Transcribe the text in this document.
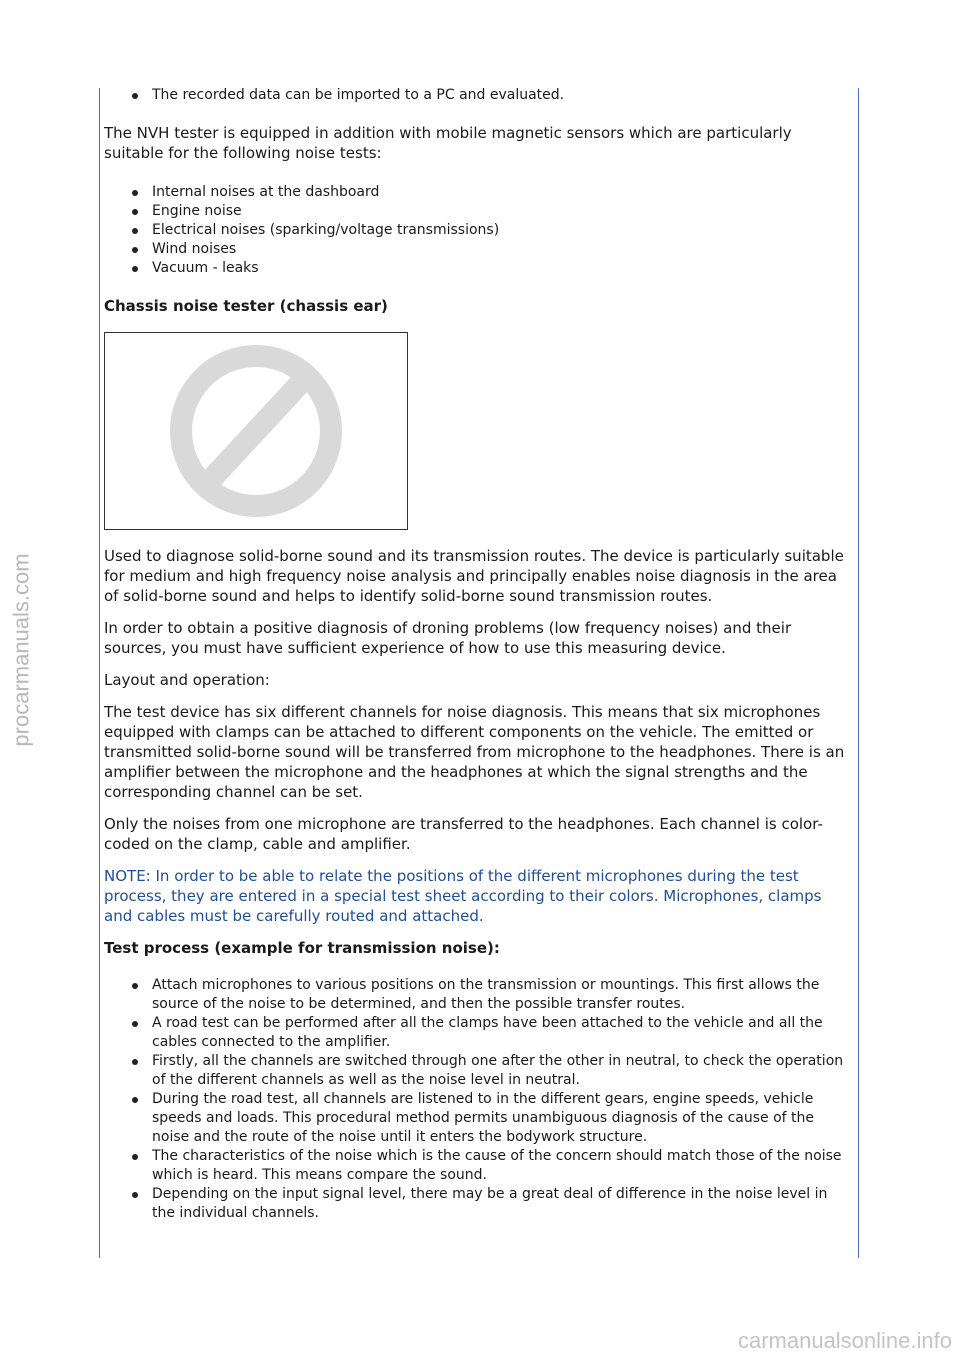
procarmanuals.com
The recorded data can be imported to a PC and evaluated.

The NVH tester is equipped in addition with mobile magnetic sensors which are particularly suitable for the following noise tests:

Internal noises at the dashboard
Engine noise
Electrical noises (sparking/voltage transmissions)
Wind noises
Vacuum - leaks

Chassis noise tester (chassis ear)

Used to diagnose solid-borne sound and its transmission routes. The device is particularly suitable for medium and high frequency noise analysis and principally enables noise diagnosis in the area of solid-borne sound and helps to identify solid-borne sound transmission routes.

In order to obtain a positive diagnosis of droning problems (low frequency noises) and their sources, you must have sufficient experience of how to use this measuring device.

Layout and operation:

The test device has six different channels for noise diagnosis. This means that six microphones equipped with clamps can be attached to different components on the vehicle. The emitted or transmitted solid-borne sound will be transferred from microphone to the headphones. There is an amplifier between the microphone and the headphones at which the signal strengths and the corresponding channel can be set.

Only the noises from one microphone are transferred to the headphones. Each channel is color-coded on the clamp, cable and amplifier.

NOTE: In order to be able to relate the positions of the different microphones during the test process, they are entered in a special test sheet according to their colors. Microphones, clamps and cables must be carefully routed and attached.

Test process (example for transmission noise):

Attach microphones to various positions on the transmission or mountings. This first allows the source of the noise to be determined, and then the possible transfer routes.
A road test can be performed after all the clamps have been attached to the vehicle and all the cables connected to the amplifier.
Firstly, all the channels are switched through one after the other in neutral, to check the operation of the different channels as well as the noise level in neutral.
During the road test, all channels are listened to in the different gears, engine speeds, vehicle speeds and loads. This procedural method permits unambiguous diagnosis of the cause of the noise and the route of the noise until it enters the bodywork structure.
The characteristics of the noise which is the cause of the concern should match those of the noise which is heard. This means compare the sound.
Depending on the input signal level, there may be a great deal of difference in the noise level in the individual channels.
carmanualsonline.info
